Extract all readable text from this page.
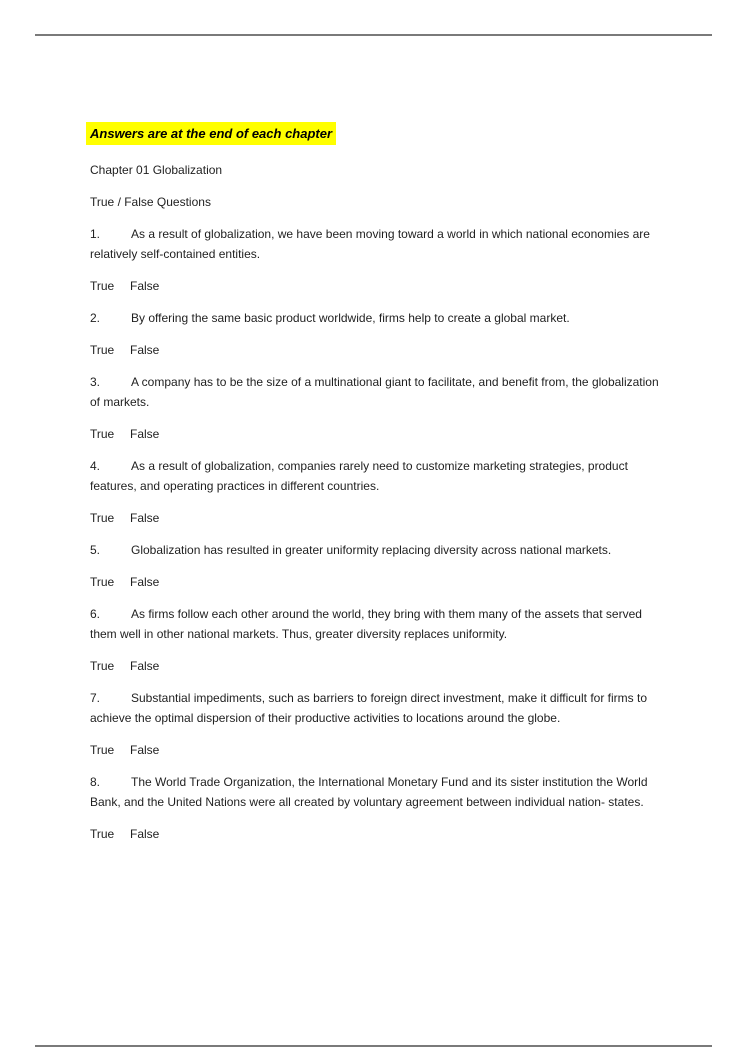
Answers are at the end of each chapter

Chapter 01 Globalization

True / False Questions

1.	As a result of globalization, we have been moving toward a world in which national economies are relatively self-contained entities.

True False

2.	By offering the same basic product worldwide, firms help to create a global market.

True False

3.	A company has to be the size of a multinational giant to facilitate, and benefit from, the globalization of markets.

True False

4.	As a result of globalization, companies rarely need to customize marketing strategies, product features, and operating practices in different countries.

True False

5.	Globalization has resulted in greater uniformity replacing diversity across national markets.

True False

6.	As firms follow each other around the world, they bring with them many of the assets that served them well in other national markets. Thus, greater diversity replaces uniformity.

True False

7.	Substantial impediments, such as barriers to foreign direct investment, make it difficult for firms to achieve the optimal dispersion of their productive activities to locations around the globe.

True False

8.	The World Trade Organization, the International Monetary Fund and its sister institution the World Bank, and the United Nations were all created by voluntary agreement between individual nation- states.

True False
